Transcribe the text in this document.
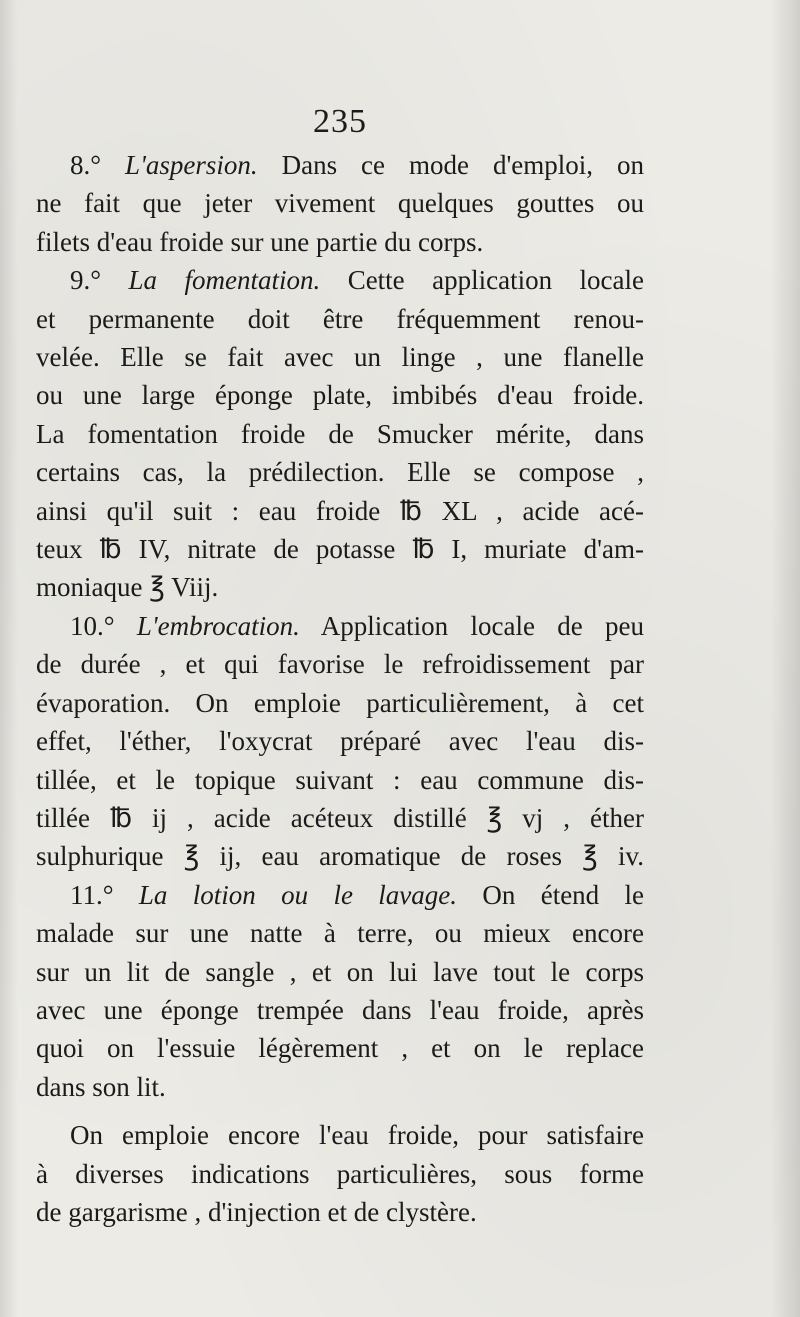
235
8.° L'aspersion. Dans ce mode d'emploi, on
ne fait que jeter vivement quelques gouttes ou
filets d'eau froide sur une partie du corps.
9.° La fomentation. Cette application locale
et permanente doit être fréquemment renou-
velée. Elle se fait avec un linge , une flanelle
ou une large éponge plate, imbibés d'eau froide.
La fomentation froide de Smucker mérite, dans
certains cas, la prédilection. Elle se compose ,
ainsi qu'il suit : eau froide ℔ XL , acide acé-
teux ℔ IV, nitrate de potasse ℔ I, muriate d'am-
moniaque ℥ Viij.
10.° L'embrocation. Application locale de peu
de durée , et qui favorise le refroidissement par
évaporation. On emploie particulièrement, à cet
effet, l'éther, l'oxycrat préparé avec l'eau dis-
tillée, et le topique suivant : eau commune dis-
tillée ℔ ij , acide acéteux distillé ℥ vj , éther
sulphurique ℥ ij, eau aromatique de roses ℥ iv.
11.° La lotion ou le lavage. On étend le
malade sur une natte à terre, ou mieux encore
sur un lit de sangle , et on lui lave tout le corps
avec une éponge trempée dans l'eau froide, après
quoi on l'essuie légèrement , et on le replace
dans son lit.
On emploie encore l'eau froide, pour satisfaire
à diverses indications particulières, sous forme
de gargarisme , d'injection et de clystère.
